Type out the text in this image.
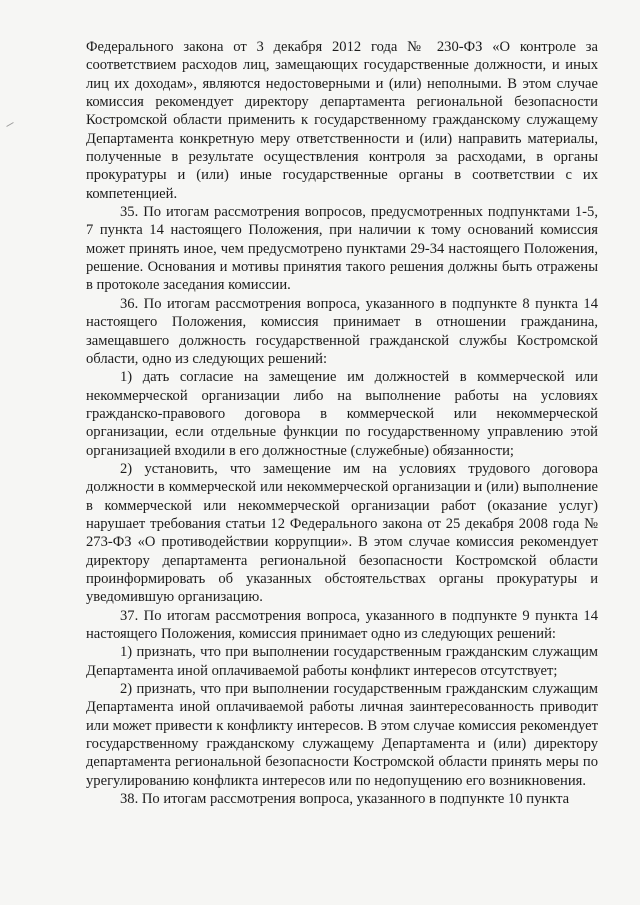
Федерального закона от 3 декабря 2012 года № 230-ФЗ «О контроле за соответствием расходов лиц, замещающих государственные должности, и иных лиц их доходам», являются недостоверными и (или) неполными. В этом случае комиссия рекомендует директору департамента региональной безопасности Костромской области применить к государственному гражданскому служащему Департамента конкретную меру ответственности и (или) направить материалы, полученные в результате осуществления контроля за расходами, в органы прокуратуры и (или) иные государственные органы в соответствии с их компетенцией.

35. По итогам рассмотрения вопросов, предусмотренных подпунктами 1-5, 7 пункта 14 настоящего Положения, при наличии к тому оснований комиссия может принять иное, чем предусмотрено пунктами 29-34 настоящего Положения, решение. Основания и мотивы принятия такого решения должны быть отражены в протоколе заседания комиссии.

36. По итогам рассмотрения вопроса, указанного в подпункте 8 пункта 14 настоящего Положения, комиссия принимает в отношении гражданина, замещавшего должность государственной гражданской службы Костромской области, одно из следующих решений:

1) дать согласие на замещение им должностей в коммерческой или некоммерческой организации либо на выполнение работы на условиях гражданско-правового договора в коммерческой или некоммерческой организации, если отдельные функции по государственному управлению этой организацией входили в его должностные (служебные) обязанности;

2) установить, что замещение им на условиях трудового договора должности в коммерческой или некоммерческой организации и (или) выполнение в коммерческой или некоммерческой организации работ (оказание услуг) нарушает требования статьи 12 Федерального закона от 25 декабря 2008 года № 273-ФЗ «О противодействии коррупции». В этом случае комиссия рекомендует директору департамента региональной безопасности Костромской области проинформировать об указанных обстоятельствах органы прокуратуры и уведомившую организацию.

37. По итогам рассмотрения вопроса, указанного в подпункте 9 пункта 14 настоящего Положения, комиссия принимает одно из следующих решений:

1) признать, что при выполнении государственным гражданским служащим Департамента иной оплачиваемой работы конфликт интересов отсутствует;

2) признать, что при выполнении государственным гражданским служащим Департамента иной оплачиваемой работы личная заинтересованность приводит или может привести к конфликту интересов. В этом случае комиссия рекомендует государственному гражданскому служащему Департамента и (или) директору департамента региональной безопасности Костромской области принять меры по урегулированию конфликта интересов или по недопущению его возникновения.

38. По итогам рассмотрения вопроса, указанного в подпункте 10 пункта
